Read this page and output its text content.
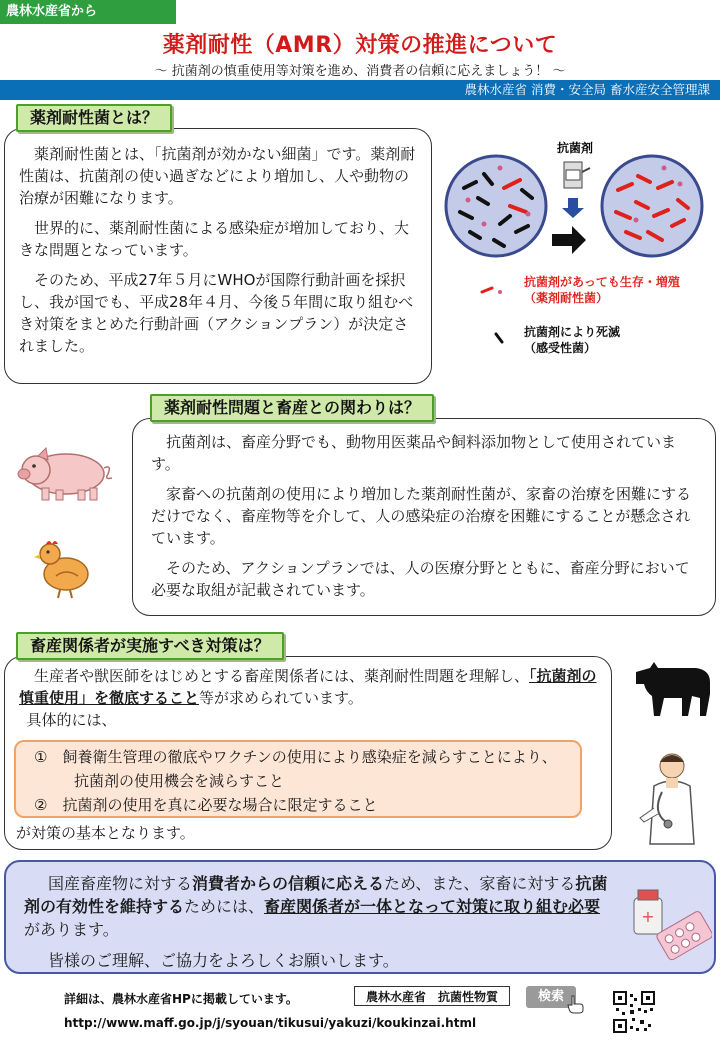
農林水産省から
薬剤耐性（AMR）対策の推進について
～ 抗菌剤の慎重使用等対策を進め、消費者の信頼に応えましょう！ ～
農林水産省 消費・安全局 畜水産安全管理課
薬剤耐性菌とは？

薬剤耐性菌とは、「抗菌剤が効かない細菌」です。薬剤耐性菌は、抗菌剤の使い過ぎなどにより増加し、人や動物の治療が困難になります。

世界的に、薬剤耐性菌による感染症が増加しており、大きな問題となっています。

そのため、平成27年５月にWHOが国際行動計画を採択し、我が国でも、平成28年４月、今後５年間に取り組むべき対策をまとめた行動計画（アクションプラン）が決定されました。

抗菌剤
抗菌剤があっても生存・増殖
（薬剤耐性菌）
抗菌剤により死滅
（感受性菌）
薬剤耐性問題と畜産との関わりは？

抗菌剤は、畜産分野でも、動物用医薬品や飼料添加物として使用されています。

家畜への抗菌剤の使用により増加した薬剤耐性菌が、家畜の治療を困難にするだけでなく、畜産物等を介して、人の感染症の治療を困難にすることが懸念されています。

そのため、アクションプランでは、人の医療分野とともに、畜産分野において必要な取組が記載されています。

畜産関係者が実施すべき対策は？
生産者や獣医師をはじめとする畜産関係者には、薬剤耐性問題を理解し、「抗菌剤の慎重使用」を徹底すること等が求められています。
具体的には、
①　 飼養衛生管理の徹底やワクチンの使用により感染症を減らすことにより、抗菌剤の使用機会を減らすこと
②　 抗菌剤の使用を真に必要な場合に限定すること
が対策の基本となります。
国産畜産物に対する消費者からの信頼に応えるため、また、家畜に対する抗菌剤の有効性を維持するためには、畜産関係者が一体となって対策に取り組む必要があります。
皆様のご理解、ご協力をよろしくお願いします。
+
詳細は、農林水産省HPに掲載しています。	農林水産省　抗菌性物質	検索
http://www.maff.go.jp/j/syouan/tikusui/yakuzi/koukinzai.html
